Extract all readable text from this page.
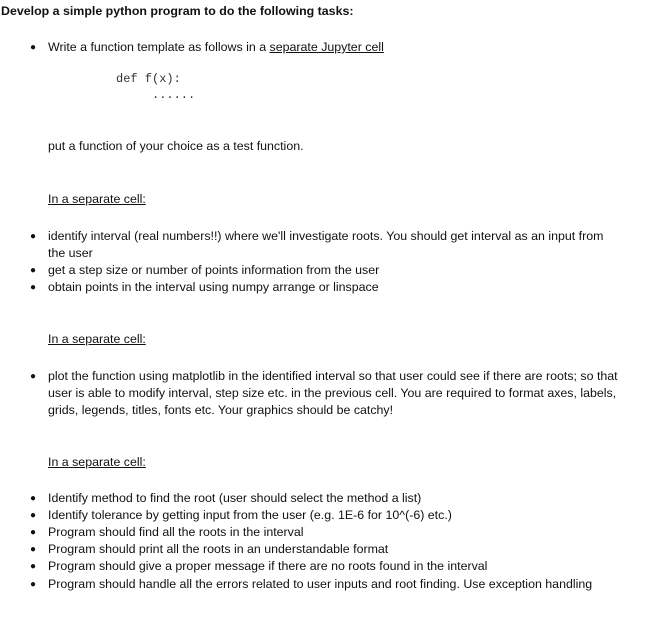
Develop a simple python program to do the following tasks:
● Write a function template as follows in a separate Jupyter cell
def f(x):
......
put a function of your choice as a test function.
In a separate cell:
● identify interval (real numbers!!) where we'll investigate roots. You should get interval as an input from the user
● get a step size or number of points information from the user
● obtain points in the interval using numpy arrange or linspace
In a separate cell:
● plot the function using matplotlib in the identified interval so that user could see if there are roots; so that user is able to modify interval, step size etc. in the previous cell. You are required to format axes, labels, grids, legends, titles, fonts etc. Your graphics should be catchy!
In a separate cell:
● Identify method to find the root (user should select the method a list)
● Identify tolerance by getting input from the user (e.g. 1E-6 for 10^(-6) etc.)
● Program should find all the roots in the interval
● Program should print all the roots in an understandable format
● Program should give a proper message if there are no roots found in the interval
● Program should handle all the errors related to user inputs and root finding. Use exception handling
